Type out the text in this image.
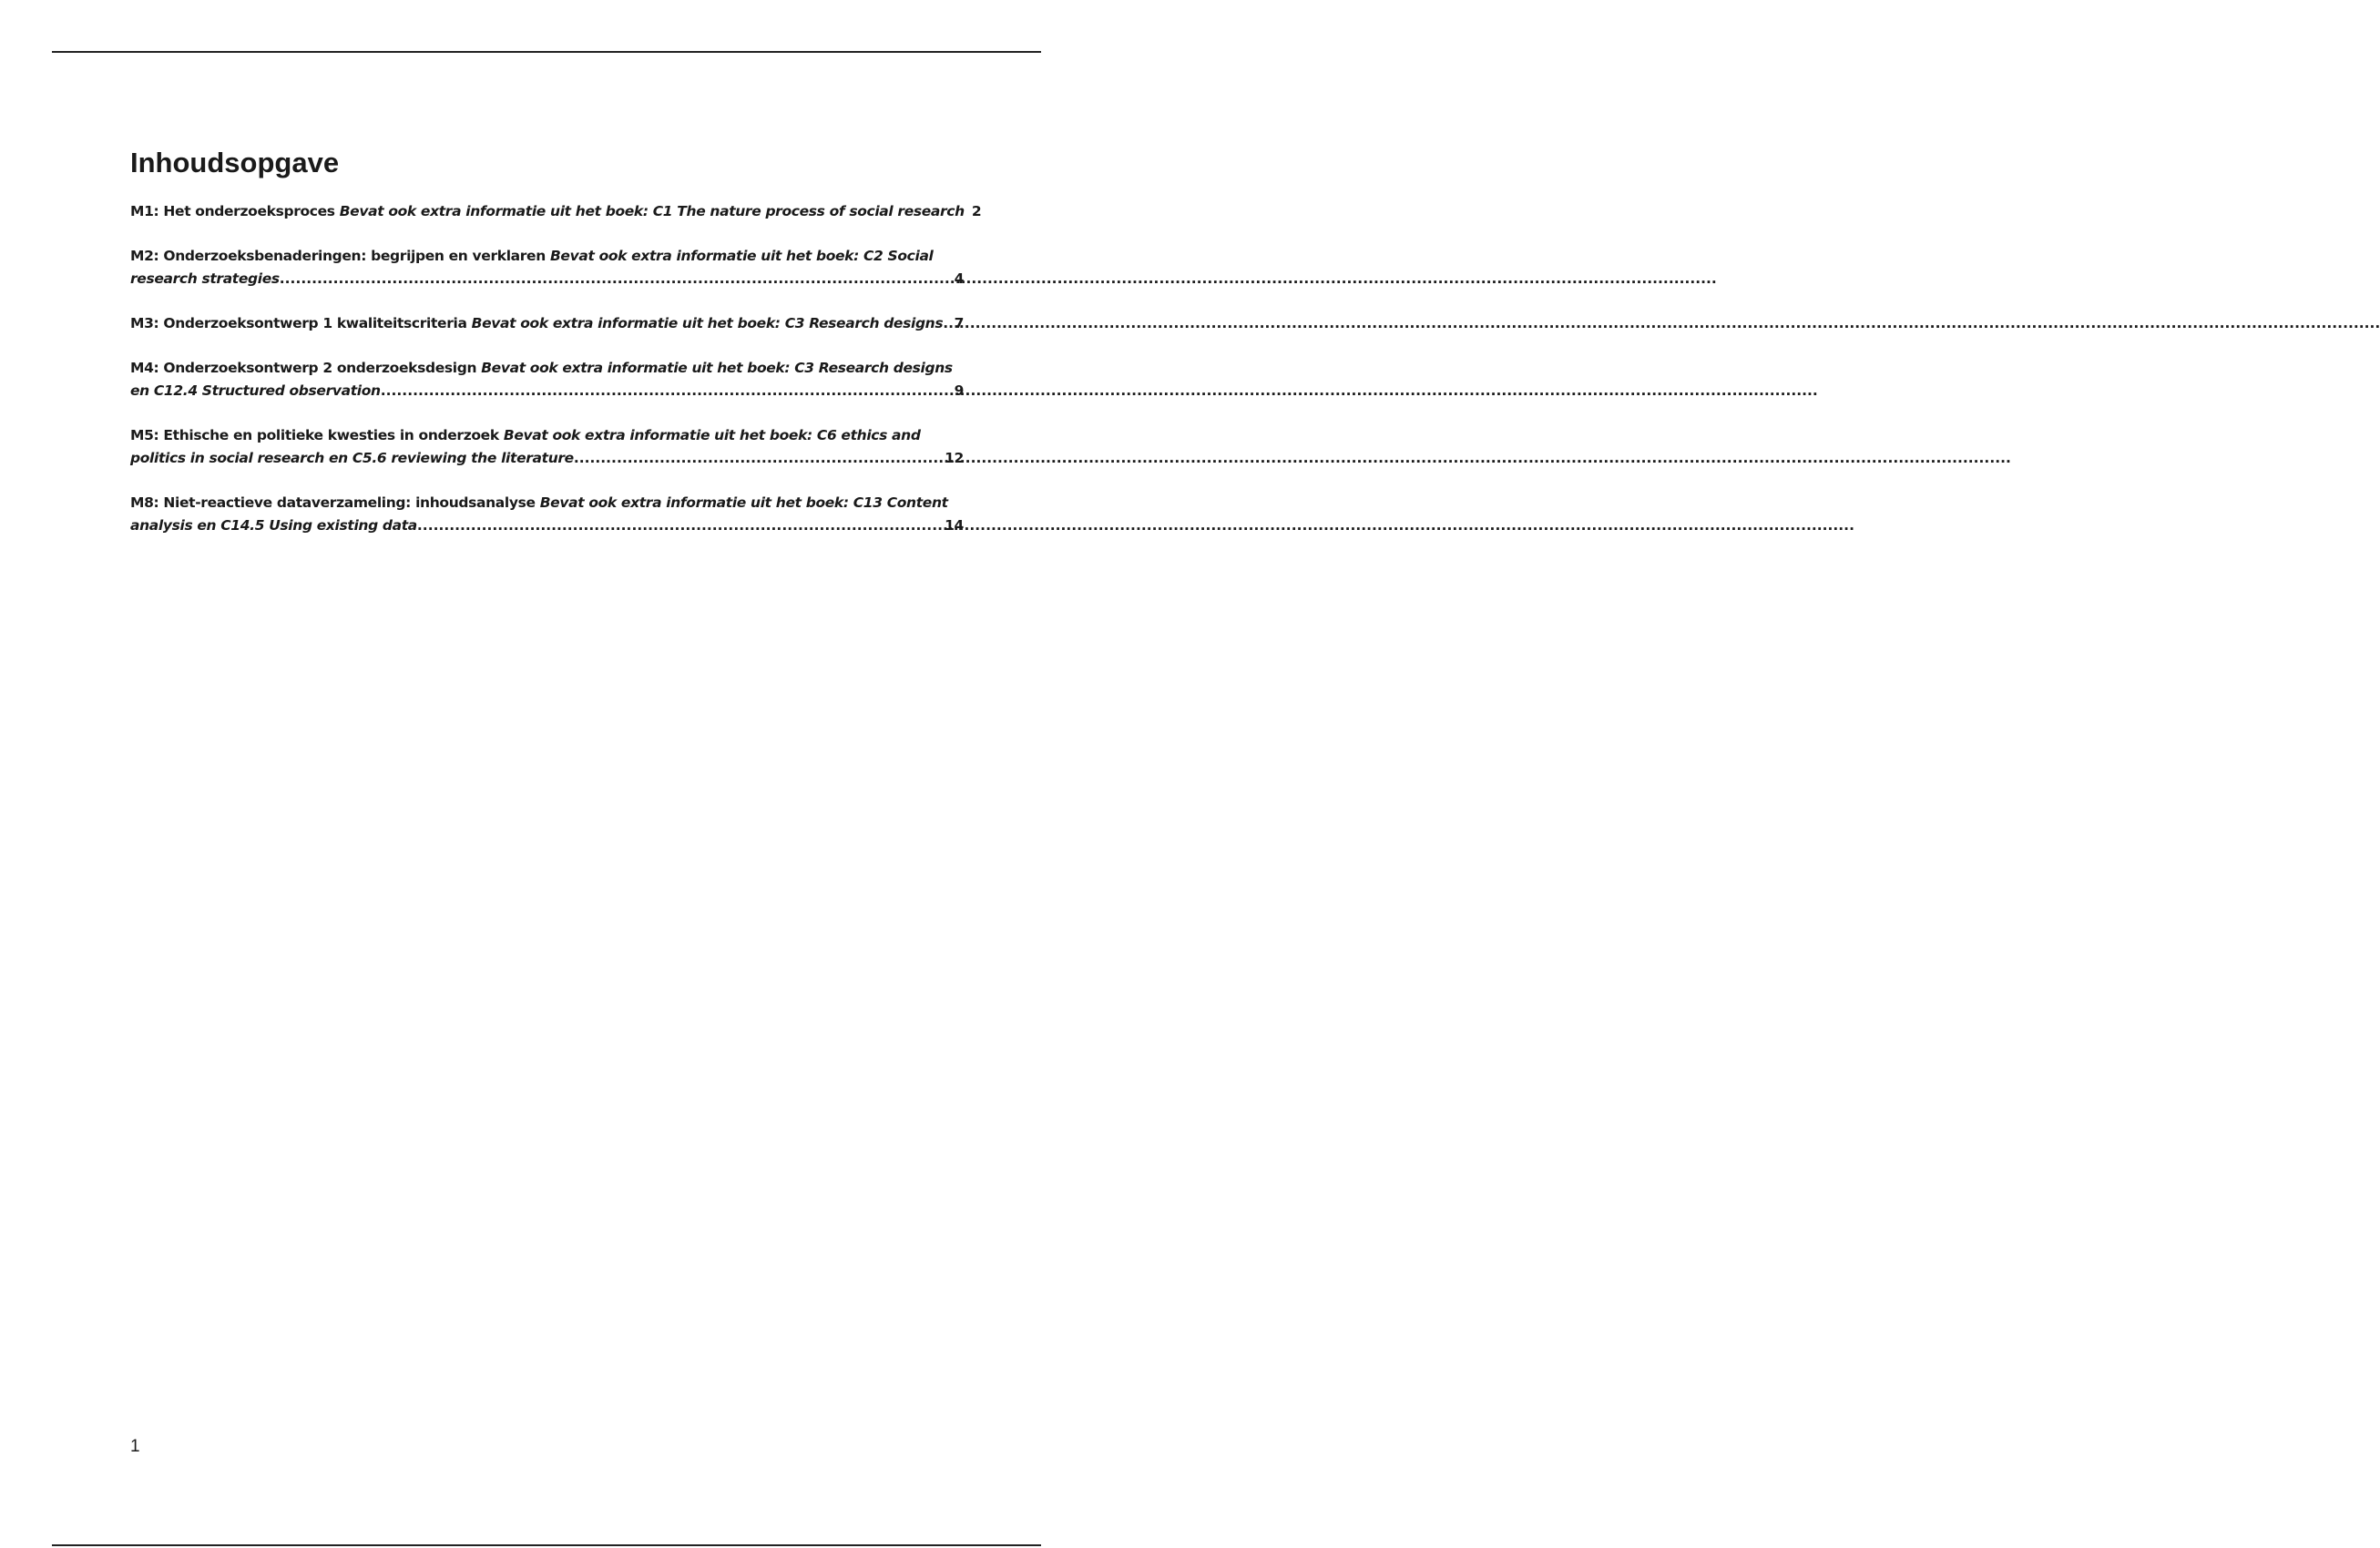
Inhoudsopgave
M1: Het onderzoeksproces Bevat ook extra informatie uit het boek: C1 The nature process of social research 2
M2: Onderzoeksbenaderingen: begrijpen en verklaren Bevat ook extra informatie uit het boek: C2 Social
research strategies .....	4
M3: Onderzoeksontwerp 1 kwaliteitscriteria Bevat ook extra informatie uit het boek: C3 Research designs ..... 7
M4: Onderzoeksontwerp 2 onderzoeksdesign Bevat ook extra informatie uit het boek: C3 Research designs
en C12.4 Structured observation .....	9
M5: Ethische en politieke kwesties in onderzoek Bevat ook extra informatie uit het boek: C6 ethics and
politics in social research en C5.6 reviewing the literature .....	12
M8: Niet-reactieve dataverzameling: inhoudsanalyse Bevat ook extra informatie uit het boek: C13 Content
analysis en C14.5 Using existing data .....	14
1
